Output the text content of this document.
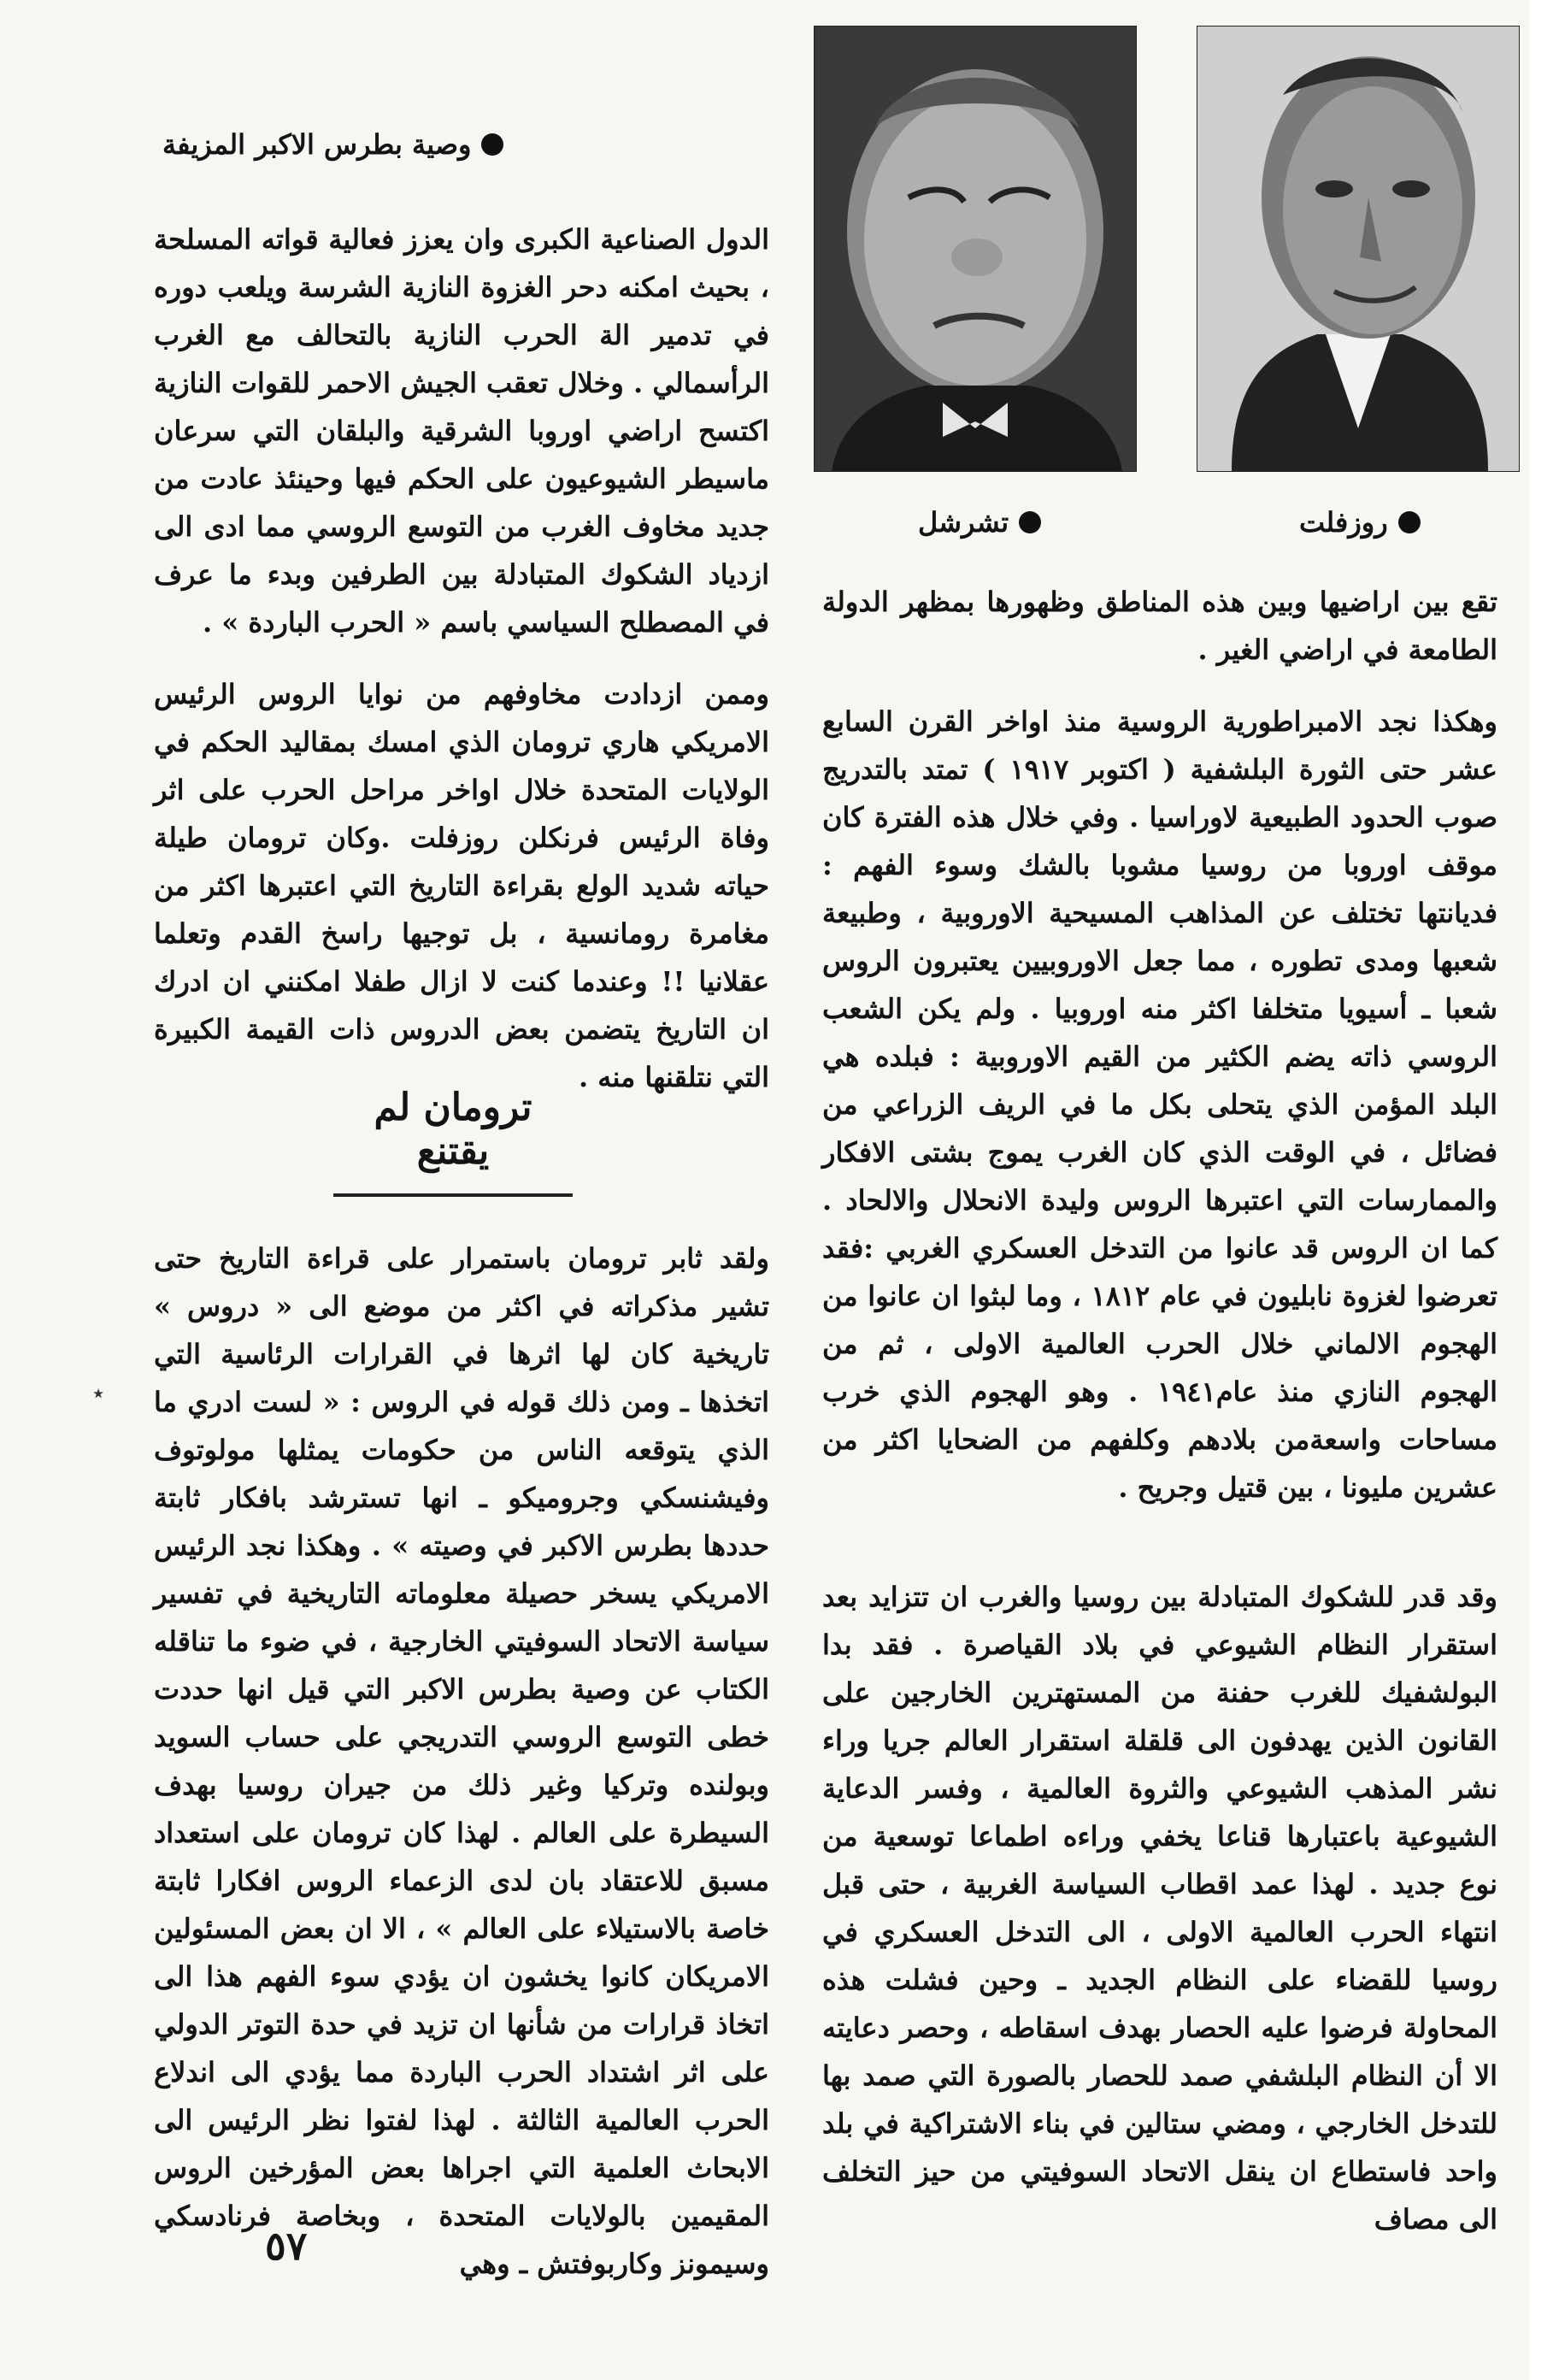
روزفلت
تشرشل
وصية بطرس الاكبر المزيفة

الدول الصناعية الكبرى وان يعزز فعالية قواته المسلحة ، بحيث امكنه دحر الغزوة النازية الشرسة ويلعب دوره في تدمير الة الحرب النازية بالتحالف مع الغرب الرأسمالي . وخلال تعقب الجيش الاحمر للقوات النازية اكتسح اراضي اوروبا الشرقية والبلقان التي سرعان ماسيطر الشيوعيون على الحكم فيها وحينئذ عادت من جديد مخاوف الغرب من التوسع الروسي مما ادى الى ازدياد الشكوك المتبادلة بين الطرفين وبدء ما عرف في المصطلح السياسي باسم « الحرب الباردة » .

وممن ازدادت مخاوفهم من نوايا الروس الرئيس الامريكي هاري ترومان الذي امسك بمقاليد الحكم في الولايات المتحدة خلال اواخر مراحل الحرب على اثر وفاة الرئيس فرنكلن روزفلت .وكان ترومان طيلة حياته شديد الولع بقراءة التاريخ التي اعتبرها اكثر من مغامرة رومانسية ، بل توجيها راسخ القدم وتعلما عقلانيا !! وعندما كنت لا ازال طفلا امكنني ان ادرك ان التاريخ يتضمن بعض الدروس ذات القيمة الكبيرة التي نتلقنها منه .

ترومان لم يقتنع

ولقد ثابر ترومان باستمرار على قراءة التاريخ حتى تشير مذكراته في اكثر من موضع الى « دروس » تاريخية كان لها اثرها في القرارات الرئاسية التي اتخذها ـ ومن ذلك قوله في الروس : « لست ادري ما الذي يتوقعه الناس من حكومات يمثلها مولوتوف وفيشنسكي وجروميكو ـ انها تسترشد بافكار ثابتة حددها بطرس الاكبر في وصيته » . وهكذا نجد الرئيس الامريكي يسخر حصيلة معلوماته التاريخية في تفسير سياسة الاتحاد السوفيتي الخارجية ، في ضوء ما تناقله الكتاب عن وصية بطرس الاكبر التي قيل انها حددت خطى التوسع الروسي التدريجي على حساب السويد وبولنده وتركيا وغير ذلك من جيران روسيا بهدف السيطرة على العالم . لهذا كان ترومان على استعداد مسبق للاعتقاد بان لدى الزعماء الروس افكارا ثابتة خاصة بالاستيلاء على العالم » ، الا ان بعض المسئولين الامريكان كانوا يخشون ان يؤدي سوء الفهم هذا الى اتخاذ قرارات من شأنها ان تزيد في حدة التوتر الدولي على اثر اشتداد الحرب الباردة مما يؤدي الى اندلاع الحرب العالمية الثالثة . لهذا لفتوا نظر الرئيس الى الابحاث العلمية التي اجراها بعض المؤرخين الروس المقيمين بالولايات المتحدة ، وبخاصة فرنادسكي وسيمونز وكاربوفتش ـ وهي

تقع بين اراضيها وبين هذه المناطق وظهورها بمظهر الدولة الطامعة في اراضي الغير .

وهكذا نجد الامبراطورية الروسية منذ اواخر القرن السابع عشر حتى الثورة البلشفية ( اكتوبر ١٩١٧ ) تمتد بالتدريج صوب الحدود الطبيعية لاوراسيا . وفي خلال هذه الفترة كان موقف اوروبا من روسيا مشوبا بالشك وسوء الفهم : فديانتها تختلف عن المذاهب المسيحية الاوروبية ، وطبيعة شعبها ومدى تطوره ، مما جعل الاوروبيين يعتبرون الروس شعبا ـ أسيويا متخلفا اكثر منه اوروبيا . ولم يكن الشعب الروسي ذاته يضم الكثير من القيم الاوروبية : فبلده هي البلد المؤمن الذي يتحلى بكل ما في الريف الزراعي من فضائل ، في الوقت الذي كان الغرب يموج بشتى الافكار والممارسات التي اعتبرها الروس وليدة الانحلال والالحاد . كما ان الروس قد عانوا من التدخل العسكري الغربي :فقد تعرضوا لغزوة نابليون في عام ١٨١٢ ، وما لبثوا ان عانوا من الهجوم الالماني خلال الحرب العالمية الاولى ، ثم من الهجوم النازي منذ عام١٩٤١ . وهو الهجوم الذي خرب مساحات واسعةمن بلادهم وكلفهم من الضحايا اكثر من عشرين مليونا ، بين قتيل وجريح .

وقد قدر للشكوك المتبادلة بين روسيا والغرب ان تتزايد بعد استقرار النظام الشيوعي في بلاد القياصرة . فقد بدا البولشفيك للغرب حفنة من المستهترين الخارجين على القانون الذين يهدفون الى قلقلة استقرار العالم جريا وراء نشر المذهب الشيوعي والثروة العالمية ، وفسر الدعاية الشيوعية باعتبارها قناعا يخفي وراءه اطماعا توسعية من نوع جديد . لهذا عمد اقطاب السياسة الغربية ، حتى قبل انتهاء الحرب العالمية الاولى ، الى التدخل العسكري في روسيا للقضاء على النظام الجديد ـ وحين فشلت هذه المحاولة فرضوا عليه الحصار بهدف اسقاطه ، وحصر دعايته الا أن النظام البلشفي صمد للحصار بالصورة التي صمد بها للتدخل الخارجي ، ومضي ستالين في بناء الاشتراكية في بلد واحد فاستطاع ان ينقل الاتحاد السوفيتي من حيز التخلف الى مصاف

٭
٥٧
